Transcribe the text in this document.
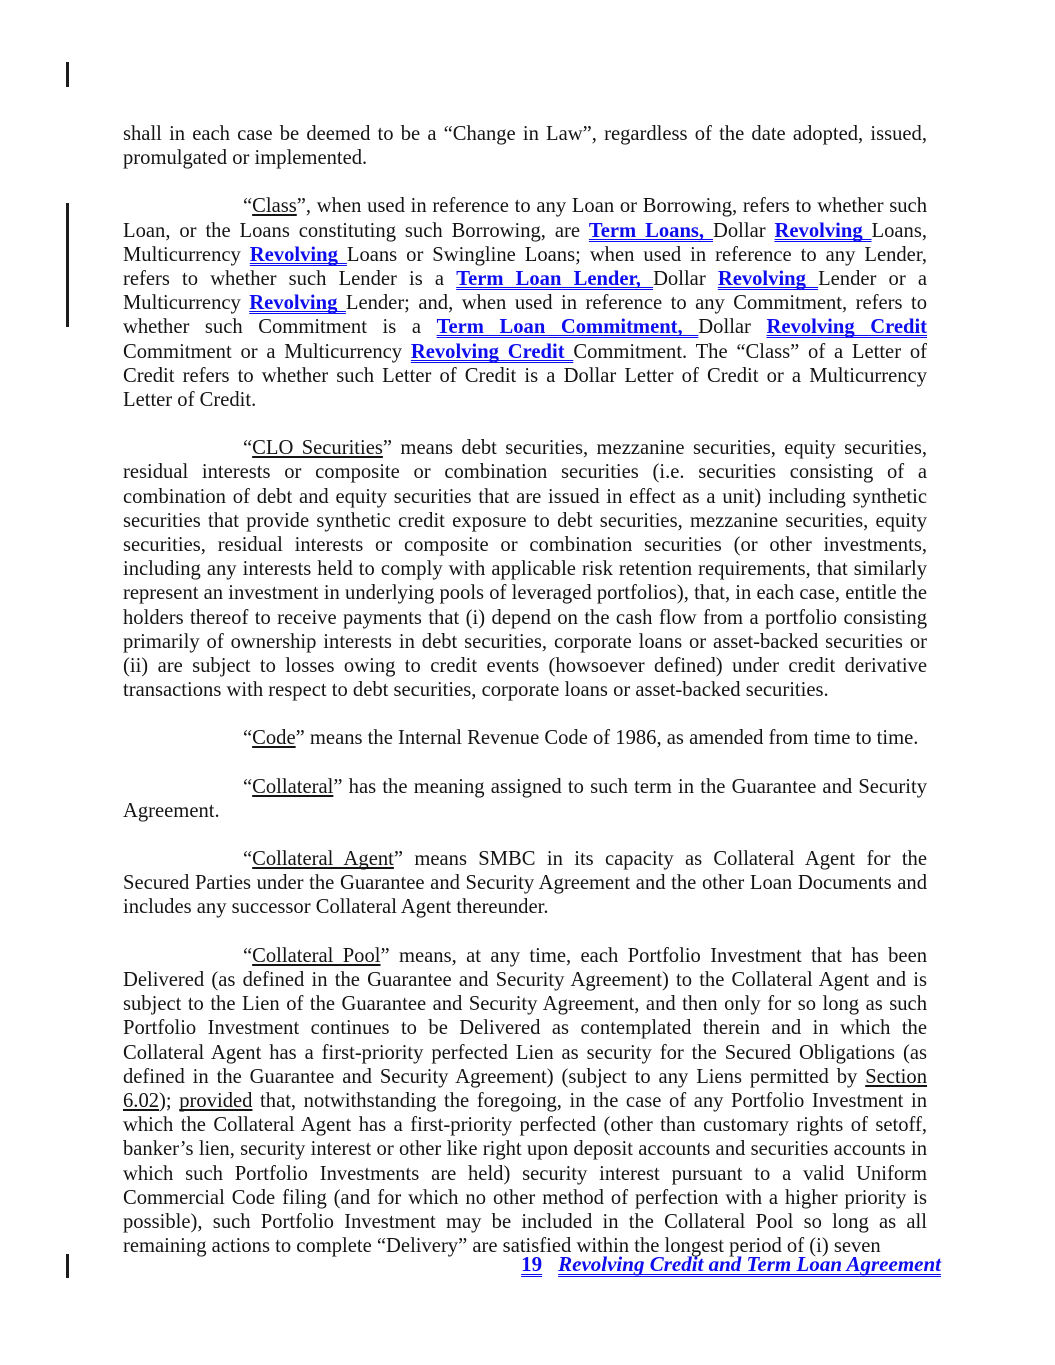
shall in each case be deemed to be a “Change in Law”, regardless of the date adopted, issued, promulgated or implemented.

“Class”, when used in reference to any Loan or Borrowing, refers to whether such Loan, or the Loans constituting such Borrowing, are Term Loans, Dollar Revolving Loans, Multicurrency Revolving Loans or Swingline Loans; when used in reference to any Lender, refers to whether such Lender is a Term Loan Lender, Dollar Revolving Lender or a Multicurrency Revolving Lender; and, when used in reference to any Commitment, refers to whether such Commitment is a Term Loan Commitment, Dollar Revolving Credit Commitment or a Multicurrency Revolving Credit Commitment. The “Class” of a Letter of Credit refers to whether such Letter of Credit is a Dollar Letter of Credit or a Multicurrency Letter of Credit.

“CLO Securities” means debt securities, mezzanine securities, equity securities, residual interests or composite or combination securities (i.e. securities consisting of a combination of debt and equity securities that are issued in effect as a unit) including synthetic securities that provide synthetic credit exposure to debt securities, mezzanine securities, equity securities, residual interests or composite or combination securities (or other investments, including any interests held to comply with applicable risk retention requirements, that similarly represent an investment in underlying pools of leveraged portfolios), that, in each case, entitle the holders thereof to receive payments that (i) depend on the cash flow from a portfolio consisting primarily of ownership interests in debt securities, corporate loans or asset-backed securities or (ii) are subject to losses owing to credit events (howsoever defined) under credit derivative transactions with respect to debt securities, corporate loans or asset-backed securities.

“Code” means the Internal Revenue Code of 1986, as amended from time to time.

“Collateral” has the meaning assigned to such term in the Guarantee and Security Agreement.

“Collateral Agent” means SMBC in its capacity as Collateral Agent for the Secured Parties under the Guarantee and Security Agreement and the other Loan Documents and includes any successor Collateral Agent thereunder.

“Collateral Pool” means, at any time, each Portfolio Investment that has been Delivered (as defined in the Guarantee and Security Agreement) to the Collateral Agent and is subject to the Lien of the Guarantee and Security Agreement, and then only for so long as such Portfolio Investment continues to be Delivered as contemplated therein and in which the Collateral Agent has a first-priority perfected Lien as security for the Secured Obligations (as defined in the Guarantee and Security Agreement) (subject to any Liens permitted by Section 6.02); provided that, notwithstanding the foregoing, in the case of any Portfolio Investment in which the Collateral Agent has a first-priority perfected (other than customary rights of setoff, banker’s lien, security interest or other like right upon deposit accounts and securities accounts in which such Portfolio Investments are held) security interest pursuant to a valid Uniform Commercial Code filing (and for which no other method of perfection with a higher priority is possible), such Portfolio Investment may be included in the Collateral Pool so long as all remaining actions to complete “Delivery” are satisfied within the longest period of (i) seven

19 Revolving Credit and Term Loan Agreement
